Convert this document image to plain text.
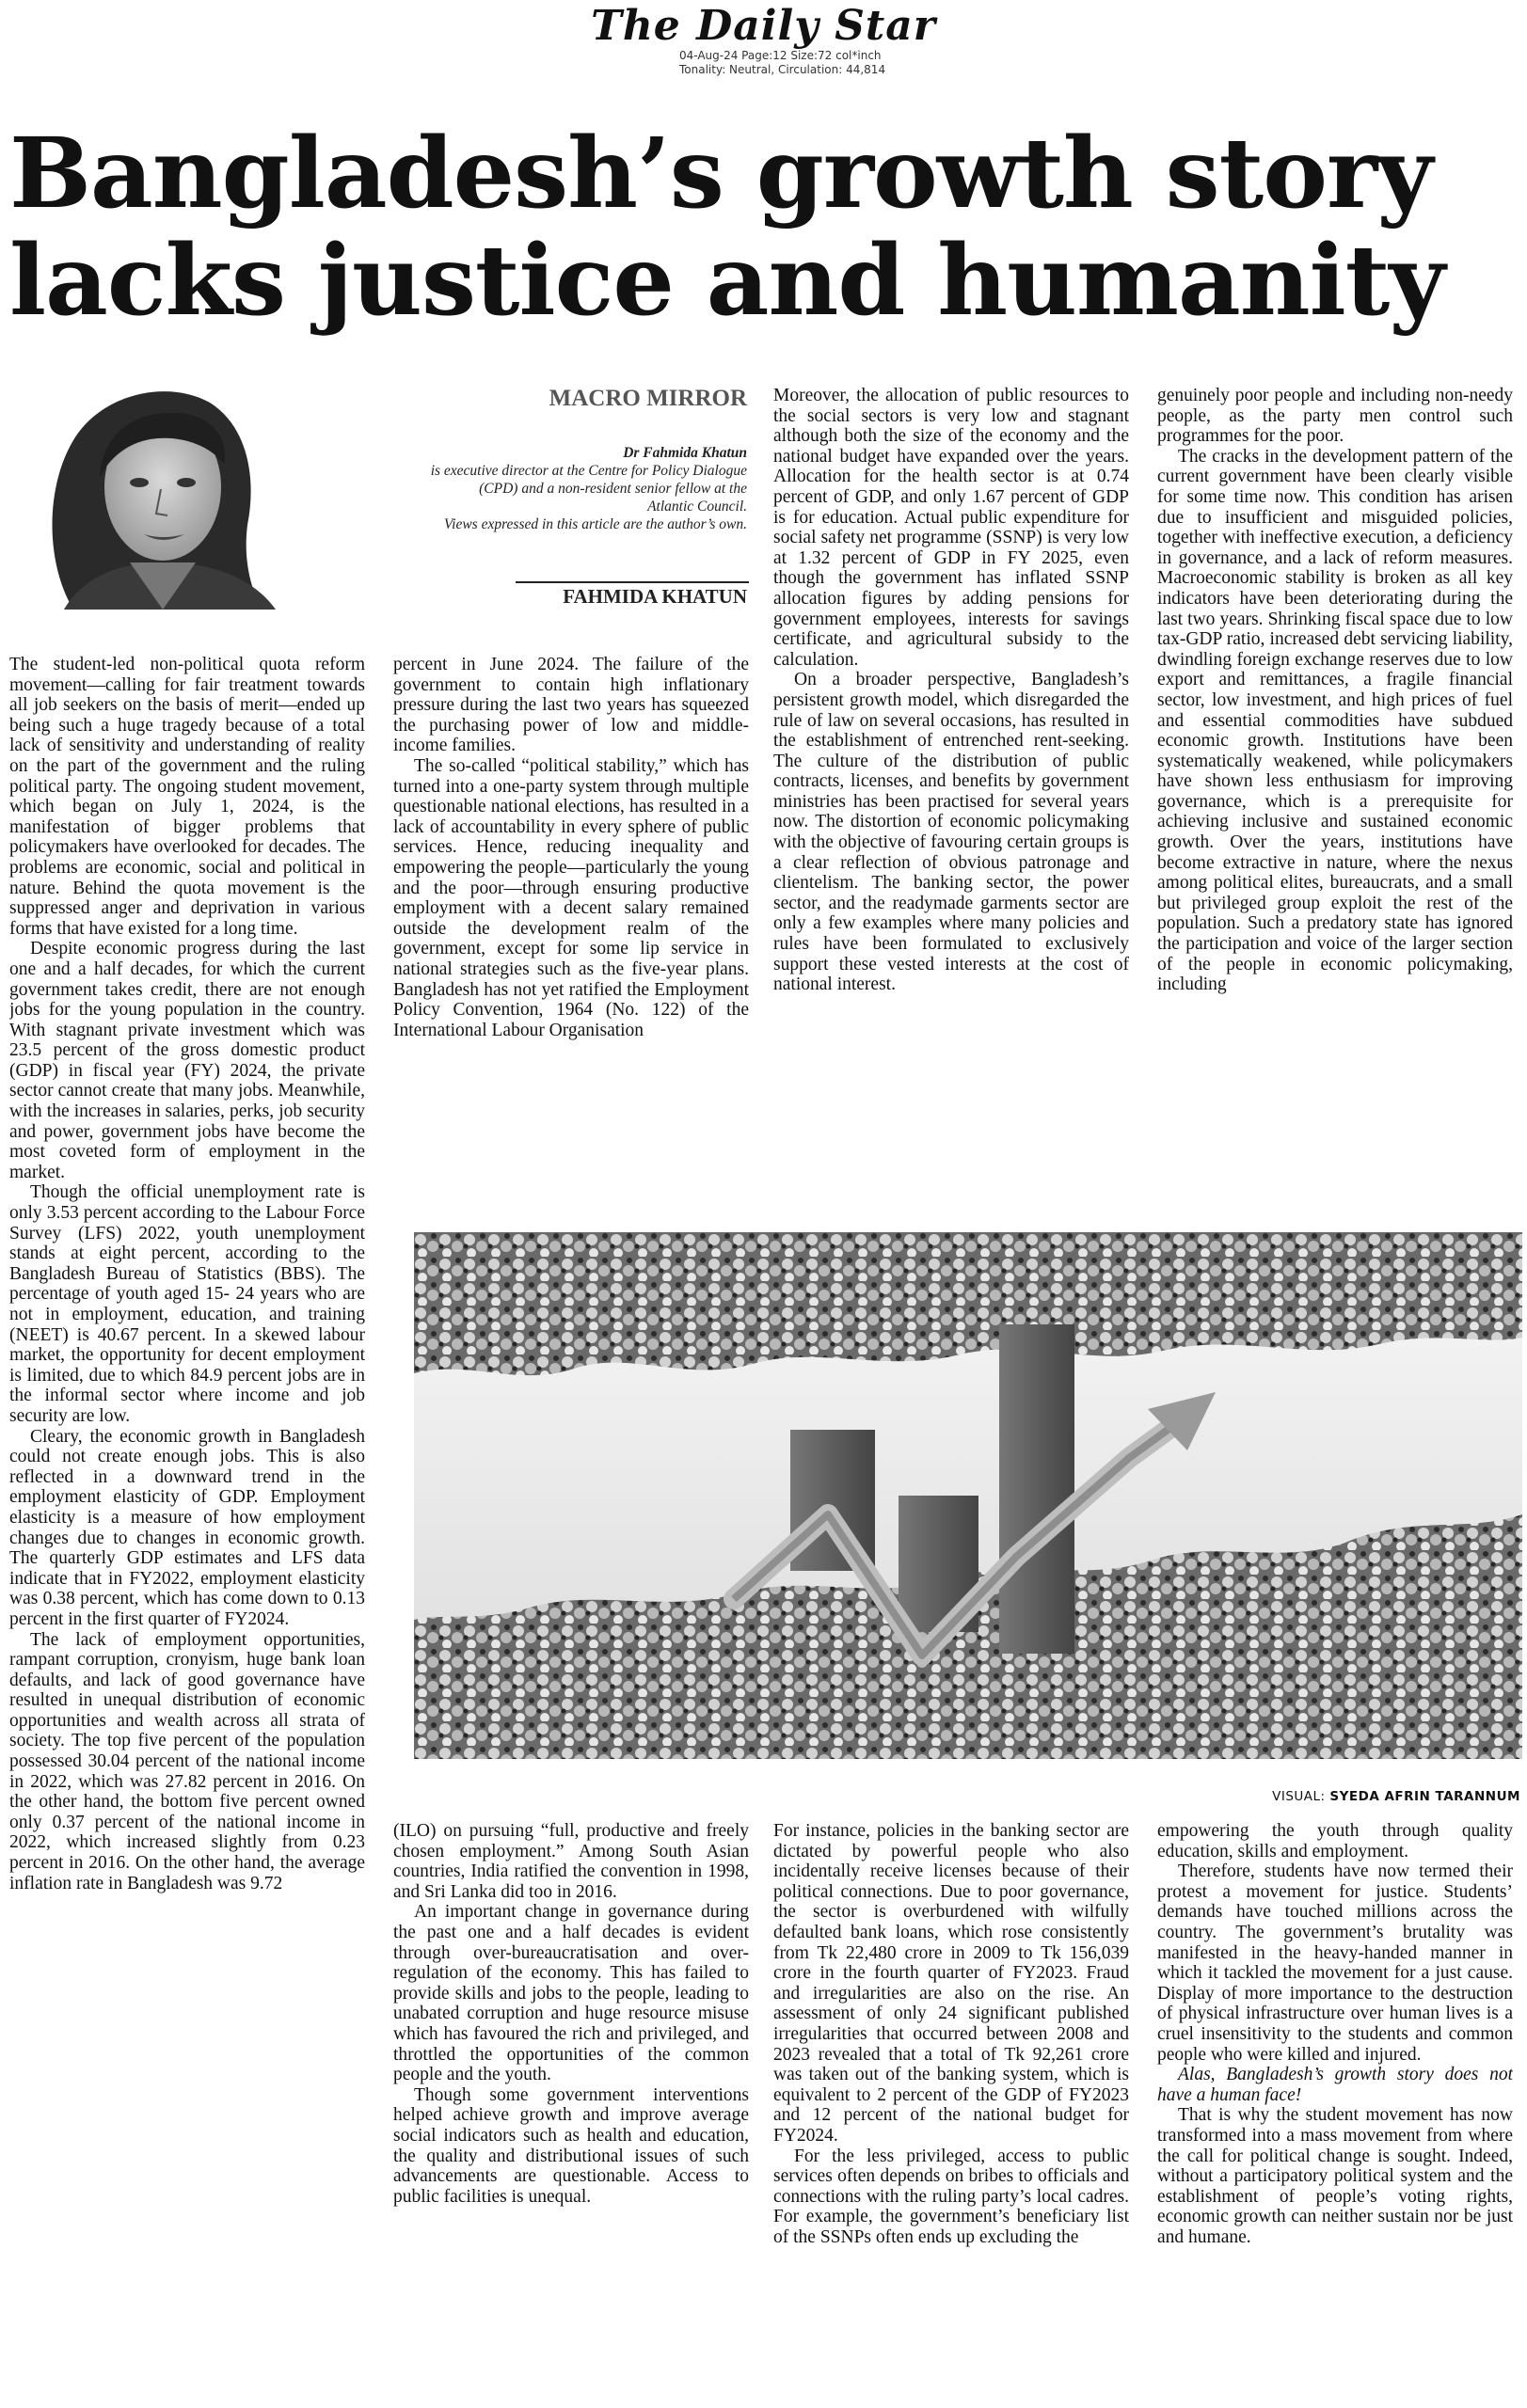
The Daily Star
04-Aug-24 Page:12 Size:72 col*inch
Tonality: Neutral, Circulation: 44,814
Bangladesh’s growth story
lacks justice and humanity
MACRO MIRROR
Dr Fahmida Khatun
is executive director at the Centre for Policy Dialogue
(CPD) and a non-resident senior fellow at the
Atlantic Council.
Views expressed in this article are the author’s own.
FAHMIDA KHATUN

The student-led non-political quota reform movement—calling for fair treatment towards all job seekers on the basis of merit—ended up being such a huge tragedy because of a total lack of sensitivity and understanding of reality on the part of the government and the ruling political party. The ongoing student movement, which began on July 1, 2024, is the manifestation of bigger problems that policymakers have overlooked for decades. The problems are economic, social and political in nature. Behind the quota movement is the suppressed anger and deprivation in various forms that have existed for a long time.

Despite economic progress during the last one and a half decades, for which the current government takes credit, there are not enough jobs for the young population in the country. With stagnant private investment which was 23.5 percent of the gross domestic product (GDP) in fiscal year (FY) 2024, the private sector cannot create that many jobs. Meanwhile, with the increases in salaries, perks, job security and power, government jobs have become the most coveted form of employment in the market.

Though the official unemployment rate is only 3.53 percent according to the Labour Force Survey (LFS) 2022, youth unemployment stands at eight percent, according to the Bangladesh Bureau of Statistics (BBS). The percentage of youth aged 15- 24 years who are not in employment, education, and training (NEET) is 40.67 percent. In a skewed labour market, the opportunity for decent employment is limited, due to which 84.9 percent jobs are in the informal sector where income and job security are low.

Cleary, the economic growth in Bangladesh could not create enough jobs. This is also reflected in a downward trend in the employment elasticity of GDP. Employment elasticity is a measure of how employment changes due to changes in economic growth. The quarterly GDP estimates and LFS data indicate that in FY2022, employment elasticity was 0.38 percent, which has come down to 0.13 percent in the first quarter of FY2024.

The lack of employment opportunities, rampant corruption, cronyism, huge bank loan defaults, and lack of good governance have resulted in unequal distribution of economic opportunities and wealth across all strata of society. The top five percent of the population possessed 30.04 percent of the national income in 2022, which was 27.82 percent in 2016. On the other hand, the bottom five percent owned only 0.37 percent of the national income in 2022, which increased slightly from 0.23 percent in 2016. On the other hand, the average inflation rate in Bangladesh was 9.72

percent in June 2024. The failure of the government to contain high inflationary pressure during the last two years has squeezed the purchasing power of low and middle-income families.

The so-called “political stability,” which has turned into a one-party system through multiple questionable national elections, has resulted in a lack of accountability in every sphere of public services. Hence, reducing inequality and empowering the people—particularly the young and the poor—through ensuring productive employment with a decent salary remained outside the development realm of the government, except for some lip service in national strategies such as the five-year plans. Bangladesh has not yet ratified the Employment Policy Convention, 1964 (No. 122) of the International Labour Organisation

Moreover, the allocation of public resources to the social sectors is very low and stagnant although both the size of the economy and the national budget have expanded over the years. Allocation for the health sector is at 0.74 percent of GDP, and only 1.67 percent of GDP is for education. Actual public expenditure for social safety net programme (SSNP) is very low at 1.32 percent of GDP in FY 2025, even though the government has inflated SSNP allocation figures by adding pensions for government employees, interests for savings certificate, and agricultural subsidy to the calculation.

On a broader perspective, Bangladesh’s persistent growth model, which disregarded the rule of law on several occasions, has resulted in the establishment of entrenched rent-seeking. The culture of the distribution of public contracts, licenses, and benefits by government ministries has been practised for several years now. The distortion of economic policymaking with the objective of favouring certain groups is a clear reflection of obvious patronage and clientelism. The banking sector, the power sector, and the readymade garments sector are only a few examples where many policies and rules have been formulated to exclusively support these vested interests at the cost of national interest.

genuinely poor people and including non-needy people, as the party men control such programmes for the poor.

The cracks in the development pattern of the current government have been clearly visible for some time now. This condition has arisen due to insufficient and misguided policies, together with ineffective execution, a deficiency in governance, and a lack of reform measures. Macroeconomic stability is broken as all key indicators have been deteriorating during the last two years. Shrinking fiscal space due to low tax-GDP ratio, increased debt servicing liability, dwindling foreign exchange reserves due to low export and remittances, a fragile financial sector, low investment, and high prices of fuel and essential commodities have subdued economic growth. Institutions have been systematically weakened, while policymakers have shown less enthusiasm for improving governance, which is a prerequisite for achieving inclusive and sustained economic growth. Over the years, institutions have become extractive in nature, where the nexus among political elites, bureaucrats, and a small but privileged group exploit the rest of the population. Such a predatory state has ignored the participation and voice of the larger section of the people in economic policymaking, including

VISUAL: SYEDA AFRIN TARANNUM

(ILO) on pursuing “full, productive and freely chosen employment.” Among South Asian countries, India ratified the convention in 1998, and Sri Lanka did too in 2016.

An important change in governance during the past one and a half decades is evident through over-bureaucratisation and over-regulation of the economy. This has failed to provide skills and jobs to the people, leading to unabated corruption and huge resource misuse which has favoured the rich and privileged, and throttled the opportunities of the common people and the youth.

Though some government interventions helped achieve growth and improve average social indicators such as health and education, the quality and distributional issues of such advancements are questionable. Access to public facilities is unequal.

For instance, policies in the banking sector are dictated by powerful people who also incidentally receive licenses because of their political connections. Due to poor governance, the sector is overburdened with wilfully defaulted bank loans, which rose consistently from Tk 22,480 crore in 2009 to Tk 156,039 crore in the fourth quarter of FY2023. Fraud and irregularities are also on the rise. An assessment of only 24 significant published irregularities that occurred between 2008 and 2023 revealed that a total of Tk 92,261 crore was taken out of the banking system, which is equivalent to 2 percent of the GDP of FY2023 and 12 percent of the national budget for FY2024.

For the less privileged, access to public services often depends on bribes to officials and connections with the ruling party’s local cadres. For example, the government’s beneficiary list of the SSNPs often ends up excluding the

empowering the youth through quality education, skills and employment.

Therefore, students have now termed their protest a movement for justice. Students’ demands have touched millions across the country. The government’s brutality was manifested in the heavy-handed manner in which it tackled the movement for a just cause. Display of more importance to the destruction of physical infrastructure over human lives is a cruel insensitivity to the students and common people who were killed and injured.

Alas, Bangladesh’s growth story does not have a human face!

That is why the student movement has now transformed into a mass movement from where the call for political change is sought. Indeed, without a participatory political system and the establishment of people’s voting rights, economic growth can neither sustain nor be just and humane.
